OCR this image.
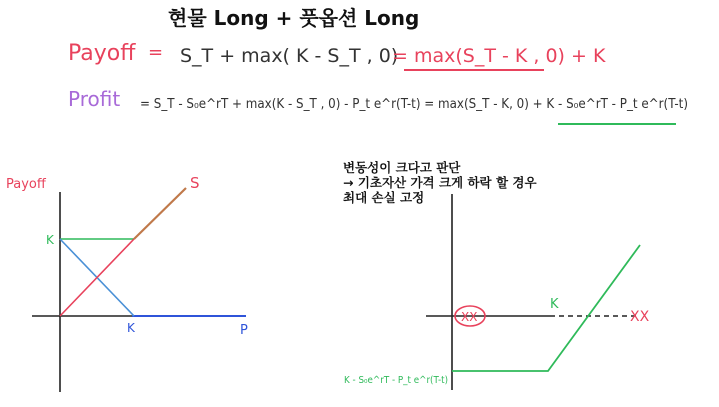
Payoff = S_T + max( K - S_T , 0)
= max(S_T - K , 0) + K
Profit = S_T - S₀e^rT + max(K - S_T , 0) - P_t e^r(T-t) = max(S_T - K, 0) + K - S₀e^rT - P_t e^r(T-t)
Payoff	S
K
K	P
XX
K
XX
K - S₀e^rT - P_t e^r(T-t)
현물 Long + 풋옵션 Long
변동성이 크다고 판단
→ 기초자산 가격 크게 하락 할 경우
최대 손실 고정
